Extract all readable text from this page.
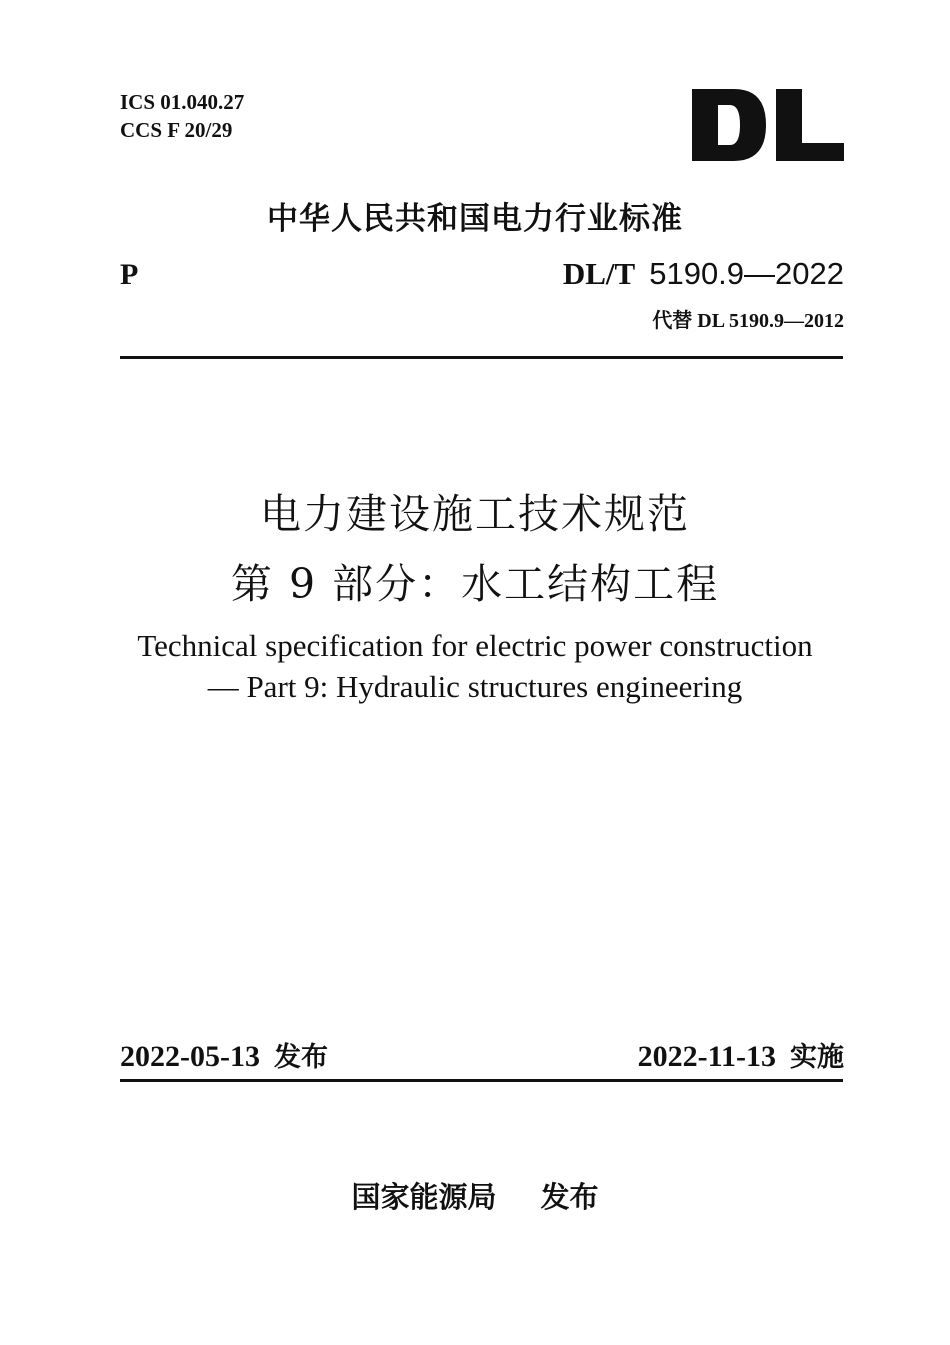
ICS 01.040.27
CCS F 20/29
中华人民共和国电力行业标准
P	DL/T 5190.9—2022
代替 DL 5190.9—2012
电力建设施工技术规范
第 9 部分：水工结构工程
Technical specification for electric power construction
— Part 9: Hydraulic structures engineering
2022-05-13 发布	2022-11-13 实施
国家能源局 发布
